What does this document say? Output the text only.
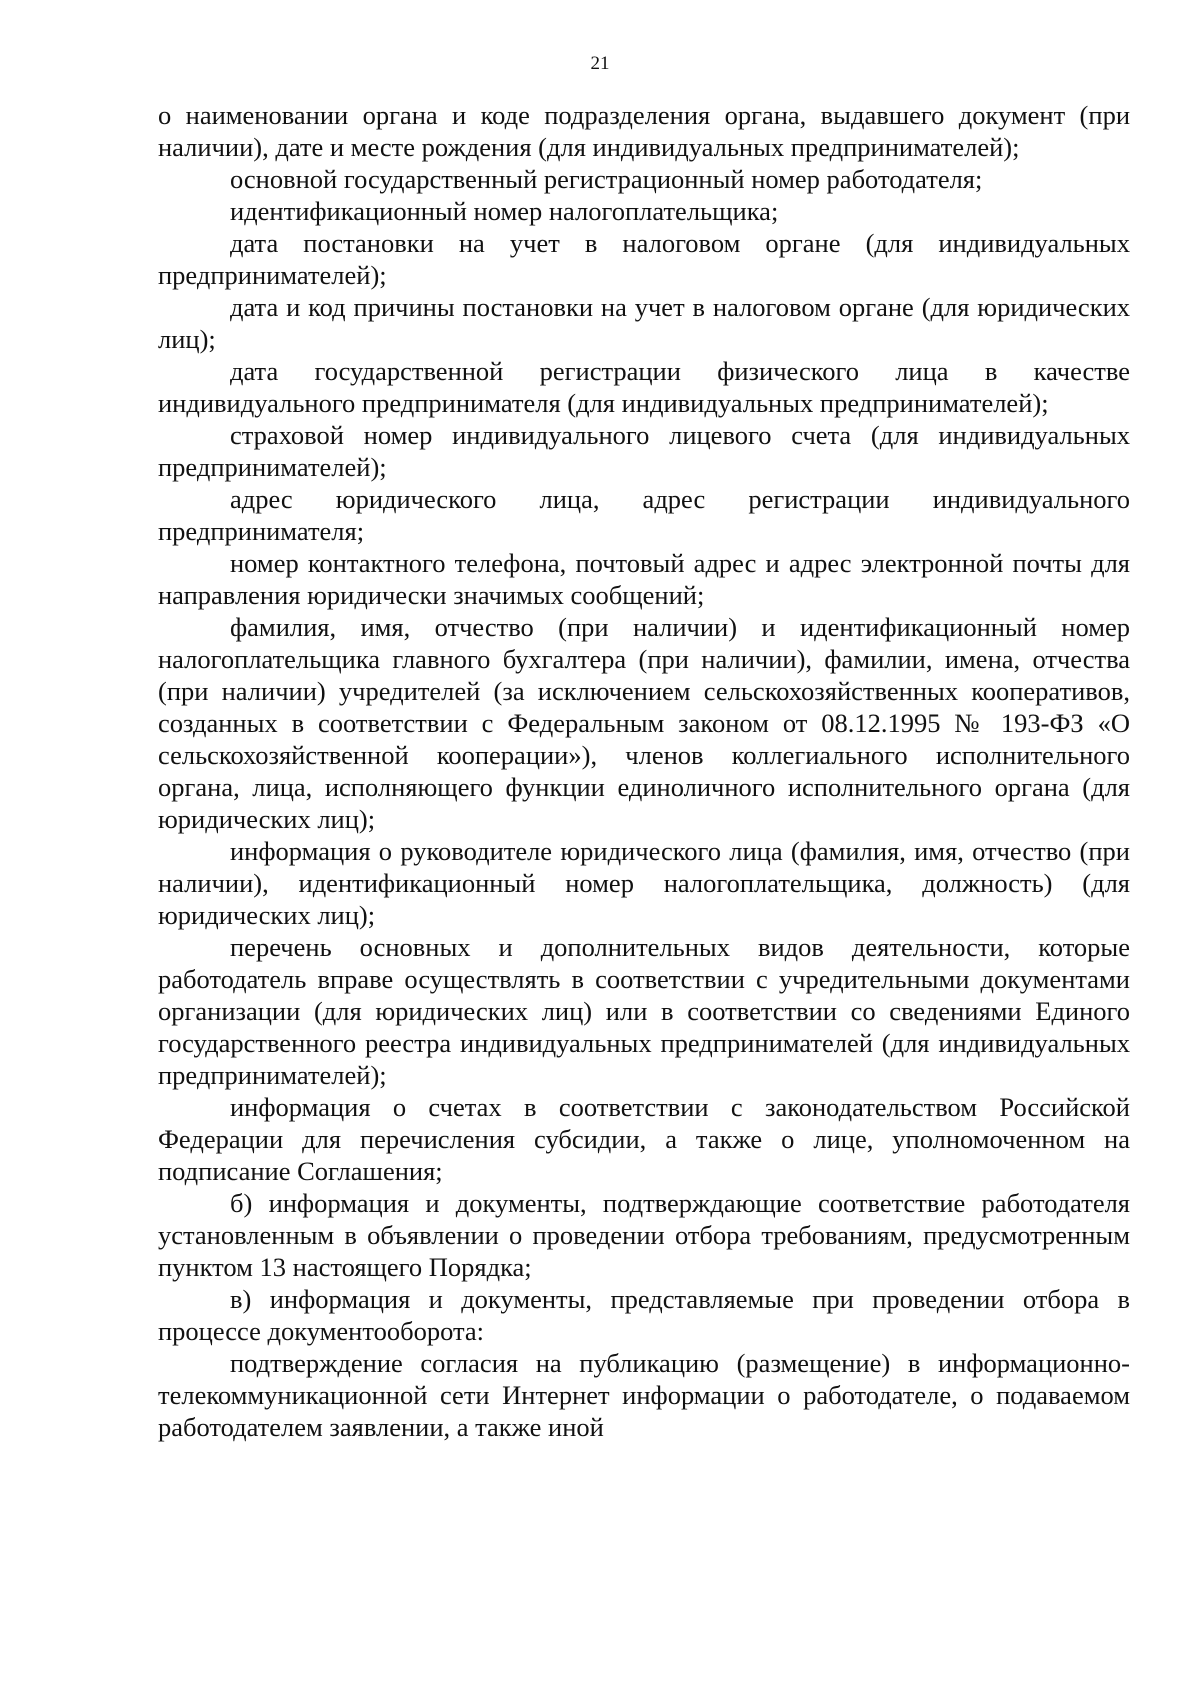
21

о наименовании органа и коде подразделения органа, выдавшего документ (при наличии), дате и месте рождения (для индивидуальных предпринимателей);

основной государственный регистрационный номер работодателя;

идентификационный номер налогоплательщика;

дата постановки на учет в налоговом органе (для индивидуальных предпринимателей);

дата и код причины постановки на учет в налоговом органе (для юридических лиц);

дата государственной регистрации физического лица в качестве индивидуального предпринимателя (для индивидуальных предпринимателей);

страховой номер индивидуального лицевого счета (для индивидуальных предпринимателей);

адрес юридического лица, адрес регистрации индивидуального предпринимателя;

номер контактного телефона, почтовый адрес и адрес электронной почты для направления юридически значимых сообщений;

фамилия, имя, отчество (при наличии) и идентификационный номер налогоплательщика главного бухгалтера (при наличии), фамилии, имена, отчества (при наличии) учредителей (за исключением сельскохозяйственных кооперативов, созданных в соответствии с Федеральным законом от 08.12.1995 № 193-ФЗ «О сельскохозяйственной кооперации»), членов коллегиального исполнительного органа, лица, исполняющего функции единоличного исполнительного органа (для юридических лиц);

информация о руководителе юридического лица (фамилия, имя, отчество (при наличии), идентификационный номер налогоплательщика, должность) (для юридических лиц);

перечень основных и дополнительных видов деятельности, которые работодатель вправе осуществлять в соответствии с учредительными документами организации (для юридических лиц) или в соответствии со сведениями Единого государственного реестра индивидуальных предпринимателей (для индивидуальных предпринимателей);

информация о счетах в соответствии с законодательством Российской Федерации для перечисления субсидии, а также о лице, уполномоченном на подписание Соглашения;

б) информация и документы, подтверждающие соответствие работодателя установленным в объявлении о проведении отбора требованиям, предусмотренным пунктом 13 настоящего Порядка;

в) информация и документы, представляемые при проведении отбора в процессе документооборота:

подтверждение согласия на публикацию (размещение) в информационно-телекоммуникационной сети Интернет информации о работодателе, о подаваемом работодателем заявлении, а также иной
